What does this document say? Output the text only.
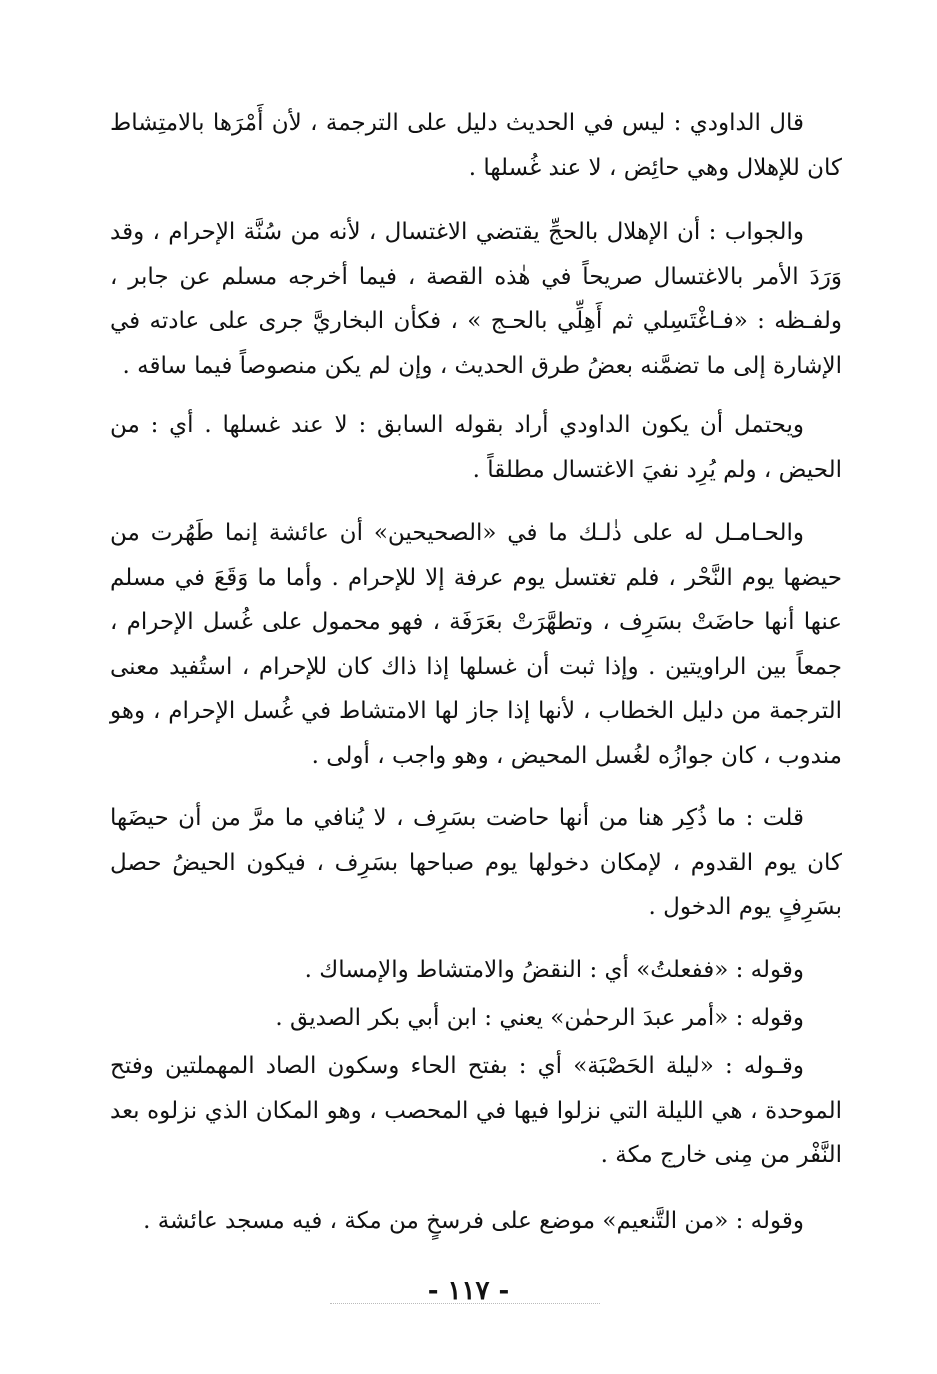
قال الداودي : ليس في الحديث دليل على الترجمة ، لأن أَمْرَها بالامتِشاط كان للإهلال وهي حائِض ، لا عند غُسلها .

والجواب : أن الإهلال بالحجِّ يقتضي الاغتسال ، لأنه من سُنَّة الإحرام ، وقد وَرَدَ الأمر بالاغتسال صريحاً في هٰذه القصة ، فيما أخرجه مسلم عن جابر ، ولفـظه : «فـاغْتَسِلي ثم أَهِلِّي بالحـج » ، فكأن البخاريَّ جرى على عادته في الإشارة إلى ما تضمَّنه بعضُ طرق الحديث ، وإن لم يكن منصوصاً فيما ساقه .

ويحتمل أن يكون الداودي أراد بقوله السابق : لا عند غسلها . أي : من الحيض ، ولم يُرِد نفيَ الاغتسال مطلقاً .

والحـامـل له على ذٰلـك ما في «الصحيحين» أن عائشة إنما طَهُرت من حيضها يوم النَّحْر ، فلم تغتسل يوم عرفة إلا للإحرام . وأما ما وَقَعَ في مسلم عنها أنها حاضَتْ بسَرِف ، وتطهَّرَتْ بعَرَفَة ، فهو محمول على غُسل الإحرام ، جمعاً بين الراويتين . وإذا ثبت أن غسلها إذا ذاك كان للإحرام ، استُفيد معنى الترجمة من دليل الخطاب ، لأنها إذا جاز لها الامتشاط في غُسل الإحرام ، وهو مندوب ، كان جوازُه لغُسل المحيض ، وهو واجب ، أولى .

قلت : ما ذُكِر هنا من أنها حاضت بسَرِف ، لا يُنافي ما مرَّ من أن حيضَها كان يوم القدوم ، لإمكان دخولها يوم صباحها بسَرِف ، فيكون الحيضُ حصل بسَرِفٍ يوم الدخول .

وقوله : «ففعلتُ» أي : النقضُ والامتشاط والإمساك .

وقوله : «أمر عبدَ الرحمٰن» يعني : ابن أبي بكر الصديق .

وقـوله : «ليلة الحَصْبَة» أي : بفتح الحاء وسكون الصاد المهملتين وفتح الموحدة ، هي الليلة التي نزلوا فيها في المحصب ، وهو المكان الذي نزلوه بعد النَّفْر من مِنى خارج مكة .

وقوله : «من التَّنعيم» موضع على فرسخٍ من مكة ، فيه مسجد عائشة .

- ١١٧ -
